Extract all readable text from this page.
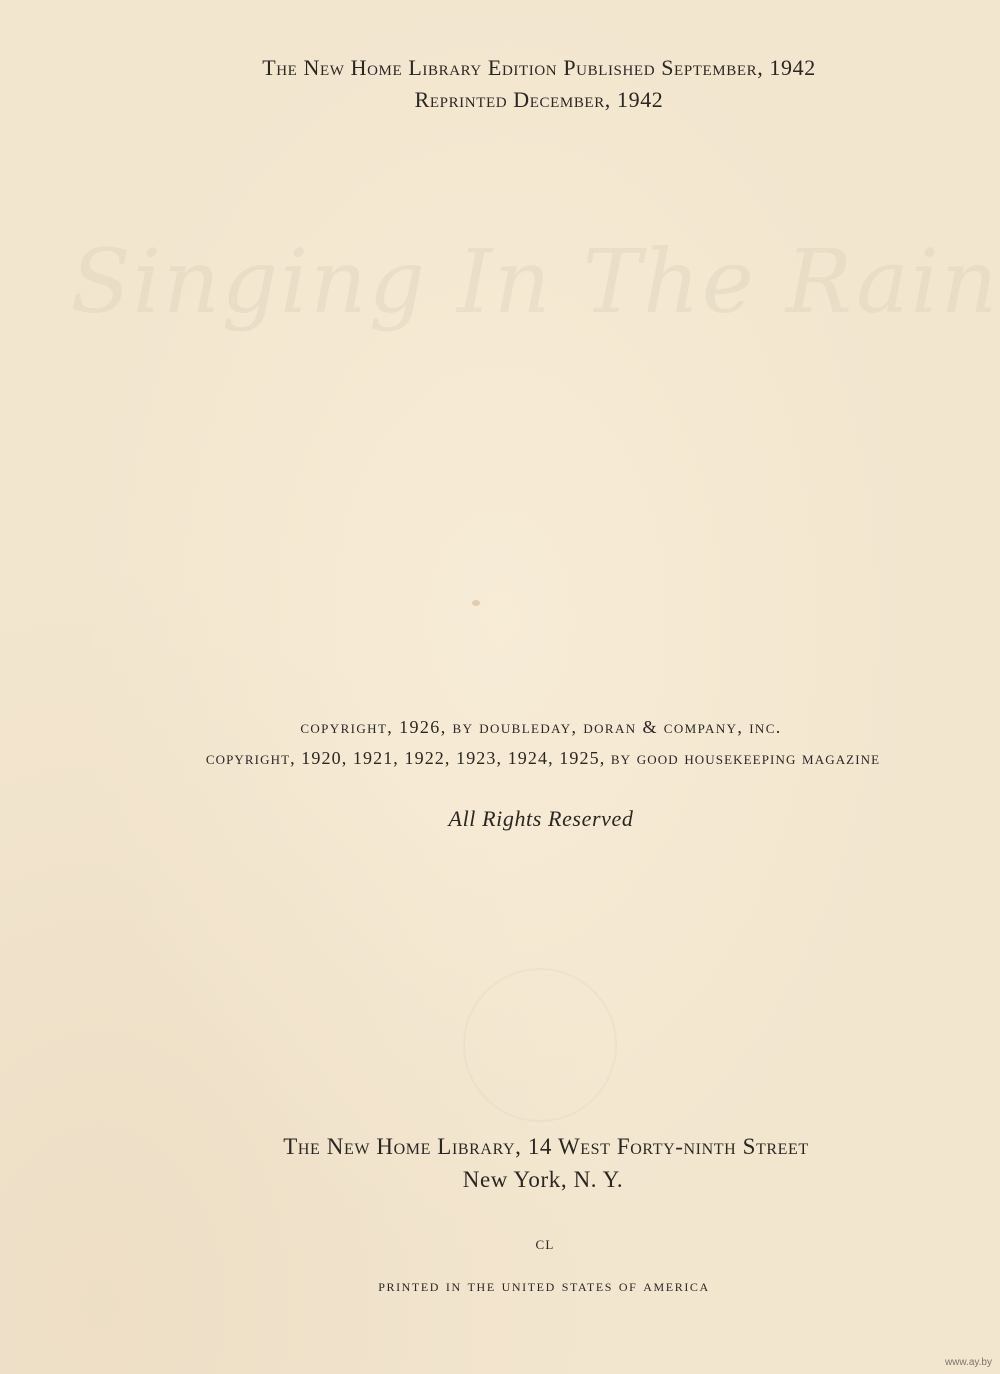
Singing In The Rain
The New Home Library Edition Published September, 1942
Reprinted December, 1942
copyright, 1926, by doubleday, doran & company, inc.
copyright, 1920, 1921, 1922, 1923, 1924, 1925, by good housekeeping magazine
All Rights Reserved
The New Home Library, 14 West Forty-ninth Street
New York, N. Y.
cl
printed in the united states of america
www.ay.by
